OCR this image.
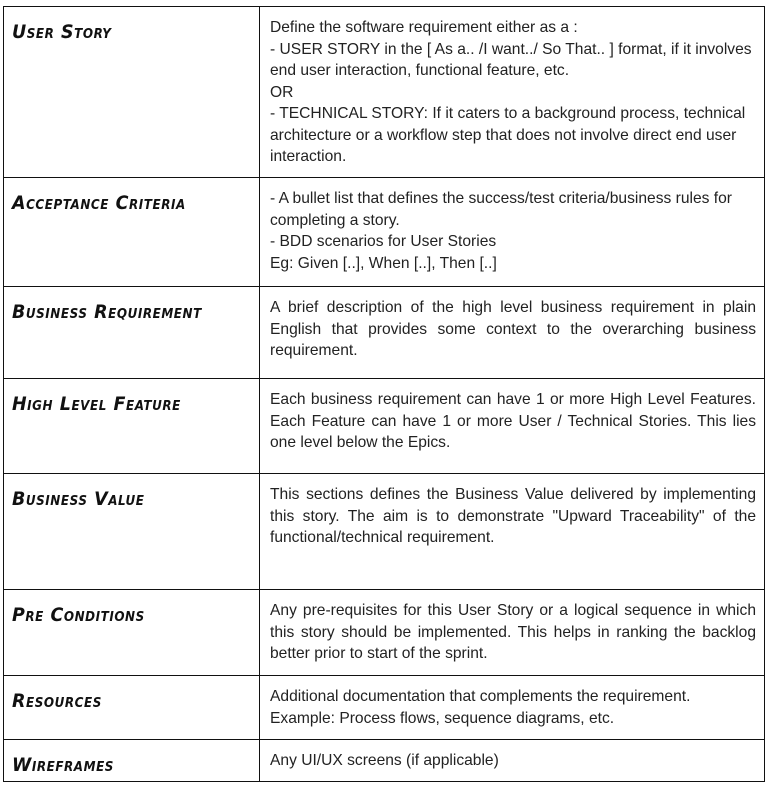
User Story	Define the software requirement either as a :
- USER STORY in the [ As a.. /I want../ So That.. ] format, if it involves end user interaction, functional feature, etc.
OR
- TECHNICAL STORY: If it caters to a background process, technical architecture or a workflow step that does not involve direct end user interaction.

Acceptance Criteria	- A bullet list that defines the success/test criteria/business rules for completing a story.
- BDD scenarios for User Stories
Eg: Given [..], When [..], Then [..]

Business Requirement	A brief description of the high level business requirement in plain English that provides some context to the overarching business requirement.

High Level Feature	Each business requirement can have 1 or more High Level Features. Each Feature can have 1 or more User / Technical Stories. This lies one level below the Epics.

Business Value	This sections defines the Business Value delivered by implementing this story. The aim is to demonstrate "Upward Traceability" of the functional/technical requirement.

Pre Conditions	Any pre-requisites for this User Story or a logical sequence in which this story should be implemented. This helps in ranking the backlog better prior to start of the sprint.

Resources	Additional documentation that complements the requirement. Example: Process flows, sequence diagrams, etc.

Wireframes	Any UI/UX screens (if applicable)
